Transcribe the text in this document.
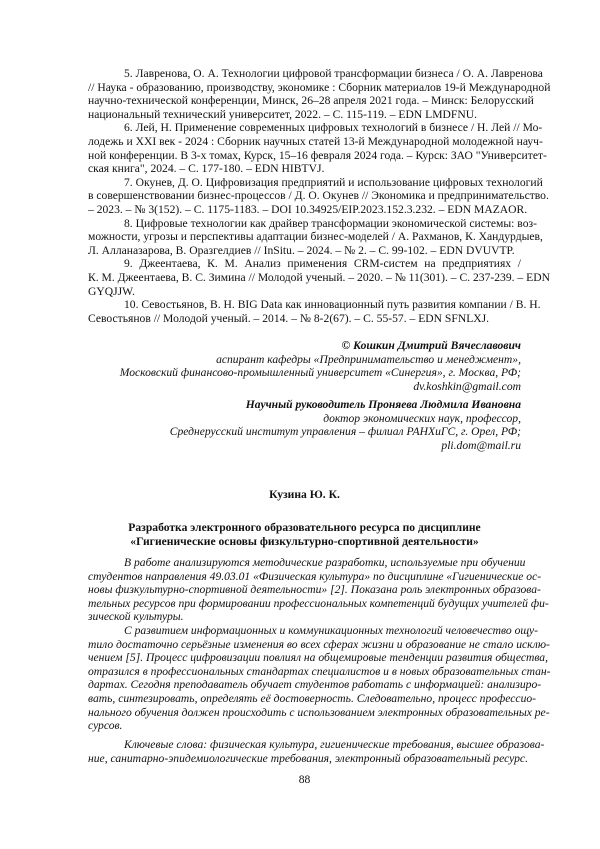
5. Лавренова, О. А. Технологии цифровой трансформации бизнеса / О. А. Лавренова
// Наука - образованию, производству, экономике : Сборник материалов 19-й Международной
научно-технической конференции, Минск, 26–28 апреля 2021 года. – Минск: Белорусский
национальный технический университет, 2022. – С. 115-119. – EDN LMDFNU.
6. Лей, Н. Применение современных цифровых технологий в бизнесе / Н. Лей // Мо-
лодежь и XXI век - 2024 : Сборник научных статей 13-й Международной молодежной науч-
ной конференции. В 3-х томах, Курск, 15–16 февраля 2024 года. – Курск: ЗАО "Университет-
ская книга", 2024. – С. 177-180. – EDN HIBTVJ.
7. Окунев, Д. О. Цифровизация предприятий и использование цифровых технологий
в совершенствовании бизнес-процессов / Д. О. Окунев // Экономика и предпринимательство.
– 2023. – № 3(152). – С. 1175-1183. – DOI 10.34925/EIP.2023.152.3.232. – EDN MAZAOR.
8. Цифровые технологии как драйвер трансформации экономической системы: воз-
можности, угрозы и перспективы адаптации бизнес-моделей / А. Рахманов, К. Хандурдыев,
Л. Алланазарова, В. Оразгелдиев // InSitu. – 2024. – № 2. – С. 99-102. – EDN DVUVTP.
9. Джеентаева, К. М. Анализ применения CRM-систем на предприятиях /
К. М. Джеентаева, В. С. Зимина // Молодой ученый. – 2020. – № 11(301). – С. 237-239. – EDN
GYQJJW.
10. Севостьянов, В. Н. BIG Data как инновационный путь развития компании / В. Н.
Севостьянов // Молодой ученый. – 2014. – № 8-2(67). – С. 55-57. – EDN SFNLXJ.
© Кошкин Дмитрий Вячеславович
аспирант кафедры «Предпринимательство и менеджмент»,
Московский финансово-промышленный университет «Синергия», г. Москва, РФ;
dv.koshkin@gmail.com
Научный руководитель Проняева Людмила Ивановна
доктор экономических наук, профессор,
Среднерусский институт управления – филиал РАНХиГС, г. Орел, РФ;
pli.dom@mail.ru
Кузина Ю. К.
Разработка электронного образовательного ресурса по дисциплине
«Гигиенические основы физкультурно-спортивной деятельности»
В работе анализируются методические разработки, используемые при обучении
студентов направления 49.03.01 «Физическая культура» по дисциплине «Гигиенические ос-
новы физкультурно-спортивной деятельности» [2]. Показана роль электронных образова-
тельных ресурсов при формировании профессиональных компетенций будущих учителей фи-
зической культуры.
С развитием информационных и коммуникационных технологий человечество ощу-
тило достаточно серьёзные изменения во всех сферах жизни и образование не стало исклю-
чением [5]. Процесс цифровизации повлиял на общемировые тенденции развития общества,
отразился в профессиональных стандартах специалистов и в новых образовательных стан-
дартах. Сегодня преподаватель обучает студентов работать с информацией: анализиро-
вать, синтезировать, определять её достоверность. Следовательно, процесс профессио-
нального обучения должен происходить с использованием электронных образовательных ре-
сурсов.
Ключевые слова: физическая культура, гигиенические требования, высшее образова-
ние, санитарно-эпидемиологические требования, электронный образовательный ресурс.
88
